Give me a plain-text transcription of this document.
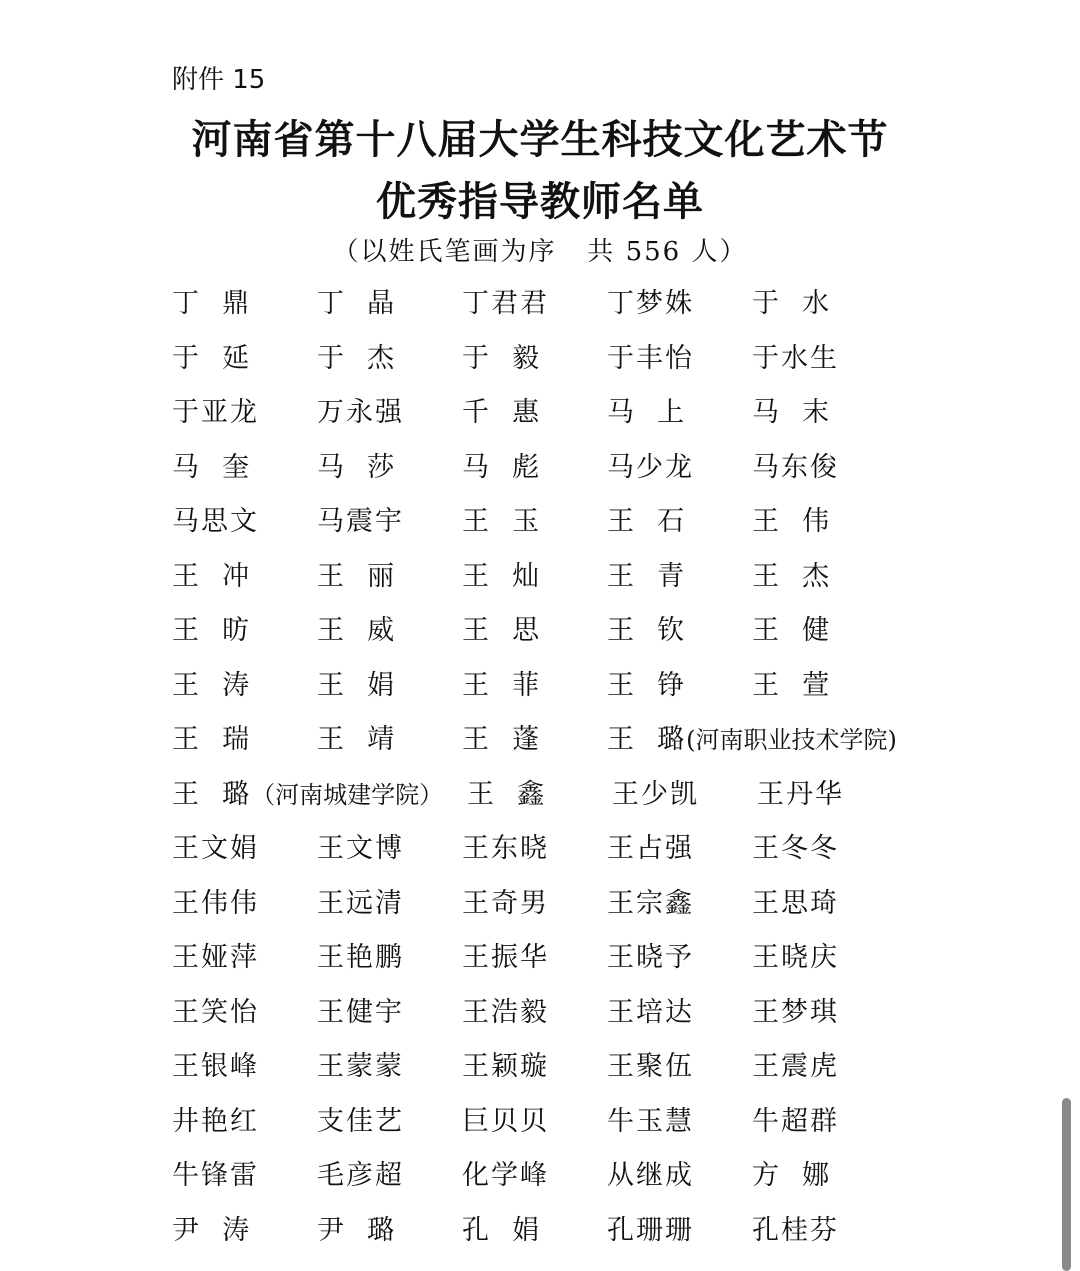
附件 15
河南省第十八届大学生科技文化艺术节
优秀指导教师名单
（以姓氏笔画为序   共 556 人）
丁  鼎 丁  晶 丁君君 丁梦姝 于  水
于  延 于  杰 于  毅 于丰怡 于水生
于亚龙 万永强 千  惠 马  上 马  末
马  奎 马  莎 马  彪 马少龙 马东俊
马思文 马震宇 王  玉 王  石 王  伟
王  冲 王  丽 王  灿 王  青 王  杰
王  昉 王  威 王  思 王  钦 王  健
王  涛 王  娟 王  菲 王  铮 王  萱
王  瑞 王  靖 王  蓬 王  璐(河南职业技术学院)
王  璐（河南城建学院） 王  鑫 王少凯 王丹华
王文娟 王文博 王东晓 王占强 王冬冬
王伟伟 王远清 王奇男 王宗鑫 王思琦
王娅萍 王艳鹏 王振华 王晓予 王晓庆
王笑怡 王健宇 王浩毅 王培达 王梦琪
王银峰 王蒙蒙 王颖璇 王聚伍 王震虎
井艳红 支佳艺 巨贝贝 牛玉慧 牛超群
牛锋雷 毛彦超 化学峰 从继成 方  娜
尹  涛 尹  璐 孔  娟 孔珊珊 孔桂芬
